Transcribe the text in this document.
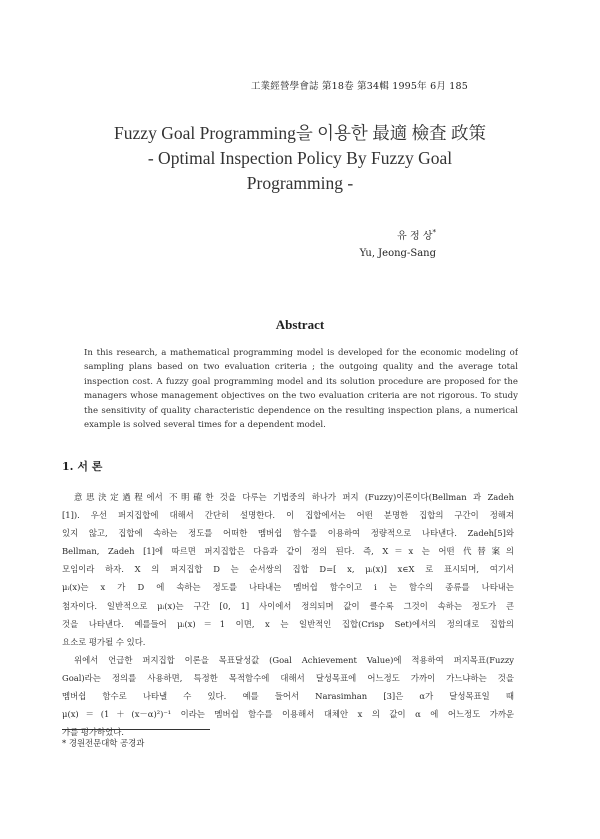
工業經營學會誌 第18卷 第34輯 1995年 6月 185
Fuzzy Goal Programming을 이용한 最適 檢査 政策
- Optimal Inspection Policy By Fuzzy Goal
Programming -
유 정 상*
Yu, Jeong-Sang
Abstract
In this research, a mathematical programming model is developed for the economic modeling of
sampling plans based on two evaluation criteria ; the outgoing quality and the average total
inspection cost. A fuzzy goal programming model and its solution procedure are proposed for the
managers whose management objectives on the two evaluation criteria are not rigorous. To study
the sensitivity of quality characteristic dependence on the resulting inspection plans, a numerical
example is solved several times for a dependent model.
1. 서 론
意思決定過程에서 不明確한 것을 다루는 기법중의 하나가 퍼지 (Fuzzy)이론이다(Bellman 과 Zadeh
[1]). 우선 퍼지집합에 대해서 간단히 설명한다. 이 집합에서는 어떤 분명한 집합의 구간이 정해져
있지 않고, 집합에 속하는 정도를 어떠한 멤버쉽 함수를 이용하여 정량적으로 나타낸다. Zadeh[5]와
Bellman, Zadeh [1]에 따르면 퍼지집합은 다음과 같이 정의 된다. 즉, X＝x 는 어떤 代替案의
모임이라 하자. X 의 퍼지집합 D 는 순서쌍의 집합 D=[ x, μᵢ(x)] x∈X 로 표시되며, 여기서
μᵢ(x)는 x 가 D 에 속하는 정도를 나타내는 멤버쉽 함수이고 i 는 함수의 종류를 나타내는
첨자이다. 일반적으로 μᵢ(x)는 구간 [0, 1] 사이에서 정의되며 값이 클수록 그것이 속하는 정도가 큰
것을 나타낸다. 예를들어 μᵢ(x)＝1 이면, x 는 일반적인 집합(Crisp Set)에서의 정의대로 집합의
요소로 평가될 수 있다.
위에서 언급한 퍼지집합 이론을 목표달성값 (Goal Achievement Value)에 적용하여 퍼지목표(Fuzzy
Goal)라는 정의를 사용하면, 특정한 목적함수에 대해서 달성목표에 어느정도 가까이 가느냐하는 것을
멤버쉽 함수로 나타낼 수 있다. 예를 들어서 Narasimhan [3]은 α가 달성목표일 때
μ(x)＝(1＋(x－α)²)⁻¹ 이라는 멤버쉽 함수를 이용해서 대체안 x 의 값이 α 에 어느정도 가까운
가를 평가하였다.
* 경원전문대학 공경과
